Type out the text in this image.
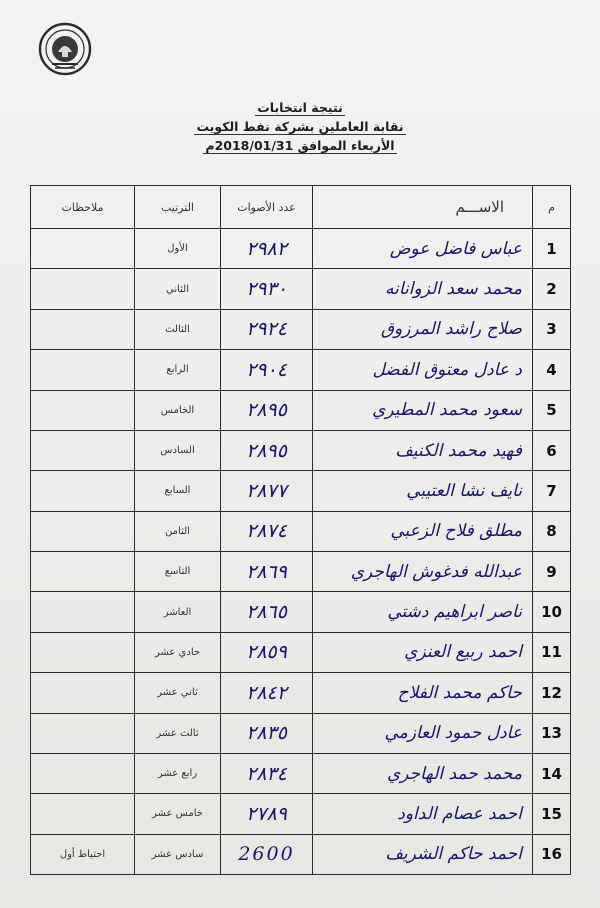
نتيجة انتخابات
نقابة العاملين بشركة نفط الكويت
الأربعاء الموافق 2018/01/31م
م	الاســـم	عدد الأصوات	الترتيب	ملاحظات
1	عباس فاضل عوض	٢٩٨٢	الأول	
2	محمد سعد الزوانانه	٢٩٣٠	الثاني	
3	صلاح راشد المرزوق	٢٩٢٤	الثالث	
4	د عادل معتوق الفضل	٢٩٠٤	الرابع	
5	سعود محمد المطيري	٢٨٩٥	الخامس	
6	فهيد محمد الكنيف	٢٨٩٥	السادس	
7	نايف نشا العتيبي	٢٨٧٧	السابع	
8	مطلق فلاح الزعبي	٢٨٧٤	الثامن	
9	عبدالله فدغوش الهاجري	٢٨٦٩	التاسع	
10	ناصر ابراهيم دشتي	٢٨٦٥	العاشر	
11	احمد ربيع العنزي	٢٨٥٩	حادي عشر	
12	حاكم محمد الفلاح	٢٨٤٢	ثاني عشر	
13	عادل حمود العازمي	٢٨٣٥	ثالث عشر	
14	محمد حمد الهاجري	٢٨٣٤	رابع عشر	
15	احمد عصام الداود	٢٧٨٩	خامس عشر	
16	احمد حاكم الشريف	2600	سادس عشر	احتياط أول
